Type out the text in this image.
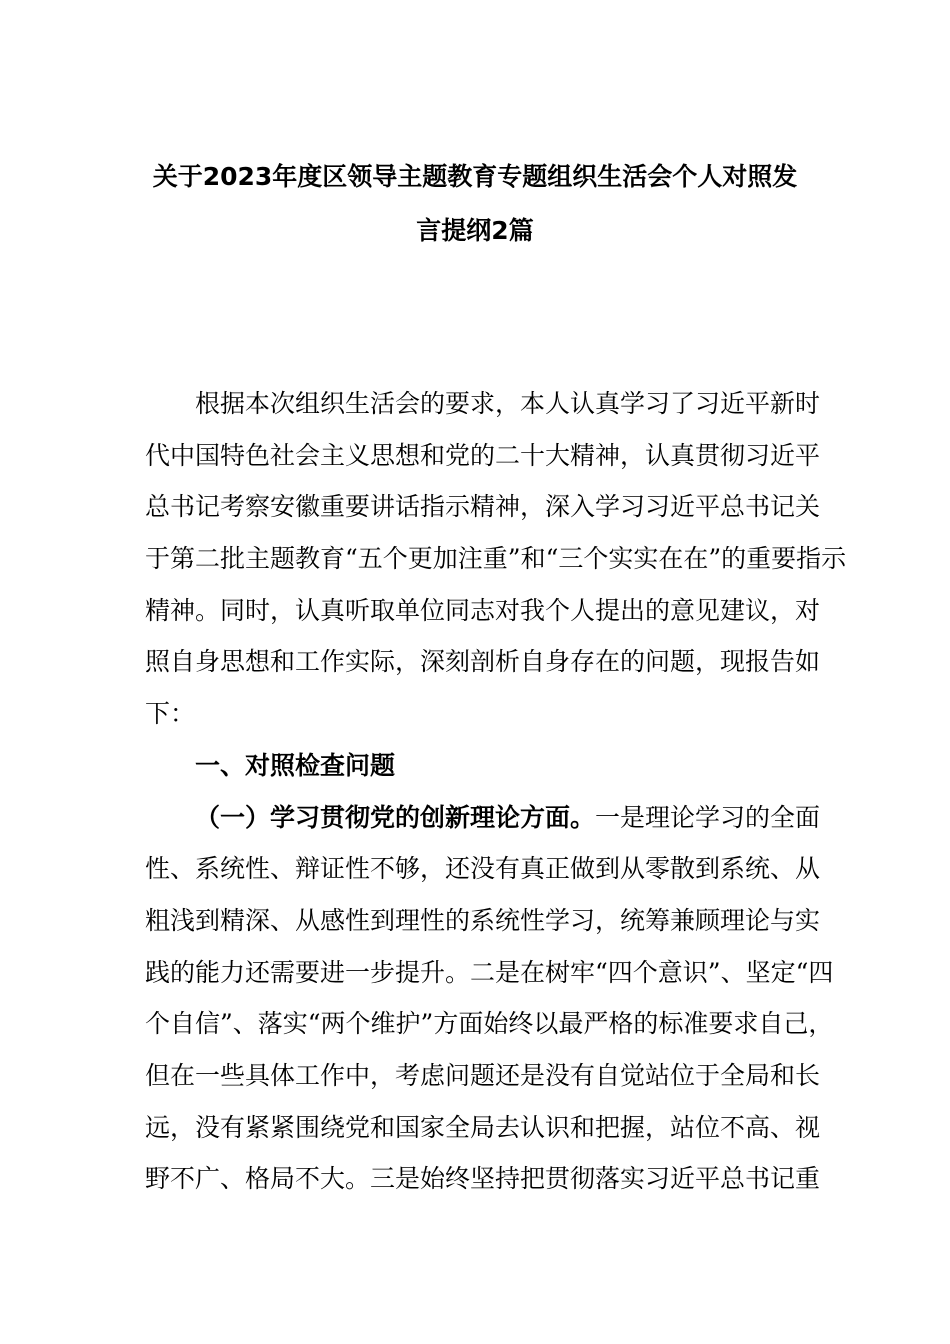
关于2023年度区领导主题教育专题组织生活会个人对照发
言提纲2篇
根据本次组织生活会的要求，本人认真学习了习近平新时
代中国特色社会主义思想和党的二十大精神，认真贯彻习近平
总书记考察安徽重要讲话指示精神，深入学习习近平总书记关
于第二批主题教育“五个更加注重”和“三个实实在在”的重要指示
精神。同时，认真听取单位同志对我个人提出的意见建议，对
照自身思想和工作实际，深刻剖析自身存在的问题，现报告如
下：
一、对照检查问题
（一）学习贯彻党的创新理论方面。一是理论学习的全面
性、系统性、辩证性不够，还没有真正做到从零散到系统、从
粗浅到精深、从感性到理性的系统性学习，统筹兼顾理论与实
践的能力还需要进一步提升。二是在树牢“四个意识”、坚定“四
个自信”、落实“两个维护”方面始终以最严格的标准要求自己，
但在一些具体工作中，考虑问题还是没有自觉站位于全局和长
远，没有紧紧围绕党和国家全局去认识和把握，站位不高、视
野不广、格局不大。三是始终坚持把贯彻落实习近平总书记重
